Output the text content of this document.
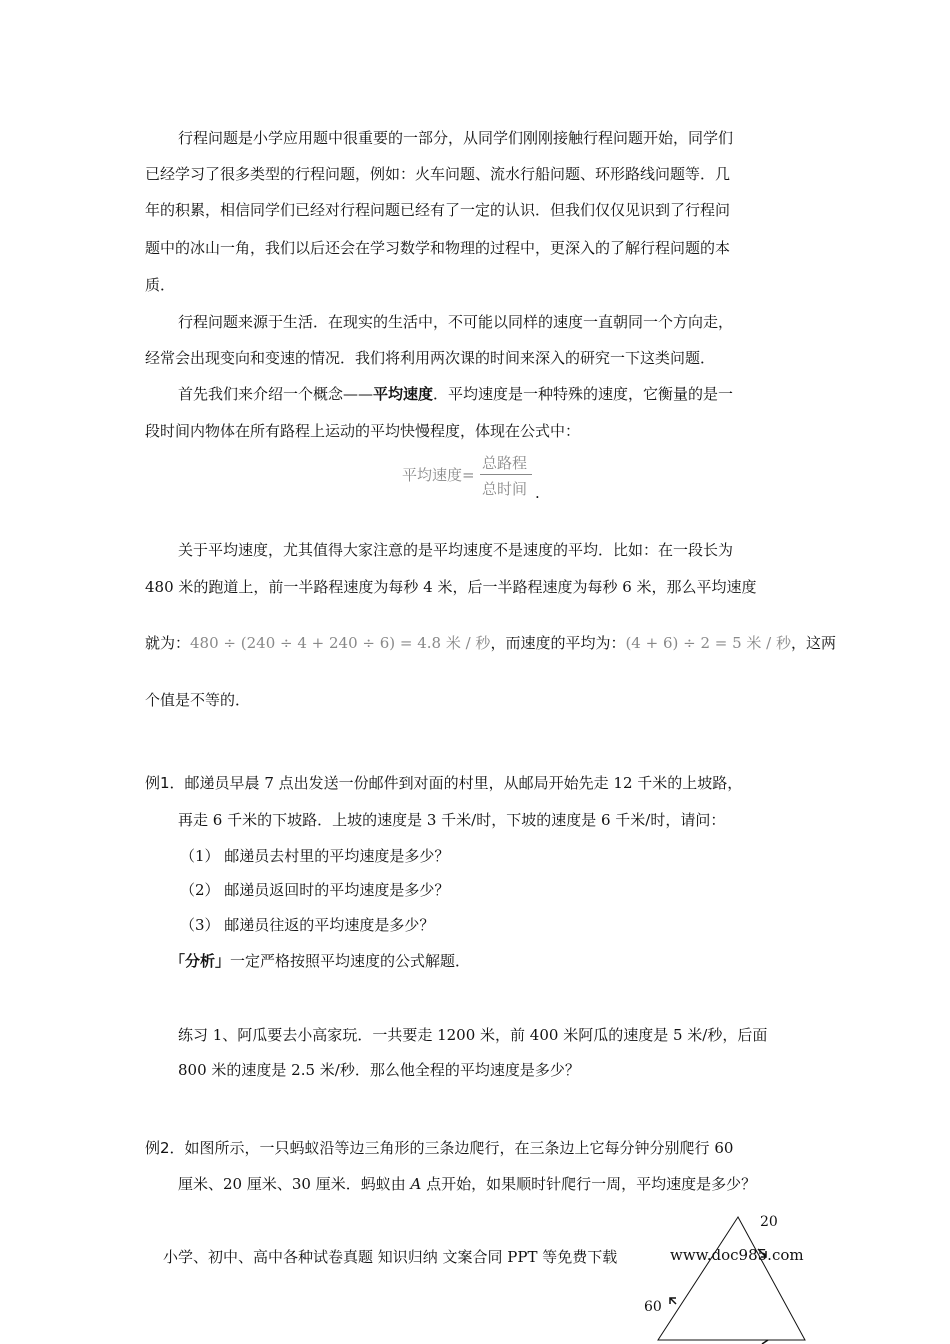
行程问题是小学应用题中很重要的一部分，从同学们刚刚接触行程问题开始，同学们
已经学习了很多类型的行程问题，例如：火车问题、流水行船问题、环形路线问题等．几
年的积累，相信同学们已经对行程问题已经有了一定的认识．但我们仅仅见识到了行程问
题中的冰山一角，我们以后还会在学习数学和物理的过程中，更深入的了解行程问题的本
质．
行程问题来源于生活．在现实的生活中，不可能以同样的速度一直朝同一个方向走，
经常会出现变向和变速的情况．我们将利用两次课的时间来深入的研究一下这类问题．
首先我们来介绍一个概念——平均速度．平均速度是一种特殊的速度，它衡量的是一
段时间内物体在所有路程上运动的平均快慢程度，体现在公式中：
平均速度=
总路程
总时间 .
关于平均速度，尤其值得大家注意的是平均速度不是速度的平均．比如：在一段长为
480 米的跑道上，前一半路程速度为每秒 4 米，后一半路程速度为每秒 6 米，那么平均速度
就为：480 ÷ (240 ÷ 4 + 240 ÷ 6) = 4.8 米 / 秒，而速度的平均为：(4 + 6) ÷ 2 = 5 米 / 秒，这两
个值是不等的．
例1．邮递员早晨 7 点出发送一份邮件到对面的村里，从邮局开始先走 12 千米的上坡路，
再走 6 千米的下坡路．上坡的速度是 3 千米/时，下坡的速度是 6 千米/时，请问：
（1） 邮递员去村里的平均速度是多少？
（2） 邮递员返回时的平均速度是多少？
（3） 邮递员往返的平均速度是多少？
「分析」一定严格按照平均速度的公式解题．
练习 1、阿瓜要去小高家玩．一共要走 1200 米，前 400 米阿瓜的速度是 5 米/秒，后面
800 米的速度是 2.5 米/秒．那么他全程的平均速度是多少？
例2．如图所示，一只蚂蚁沿等边三角形的三条边爬行，在三条边上它每分钟分别爬行 60
厘米、20 厘米、30 厘米．蚂蚁由 A 点开始，如果顺时针爬行一周，平均速度是多少？
20
60
小学、初中、高中各种试卷真题 知识归纳 文案合同 PPT 等免费下载	www.doc985.com
